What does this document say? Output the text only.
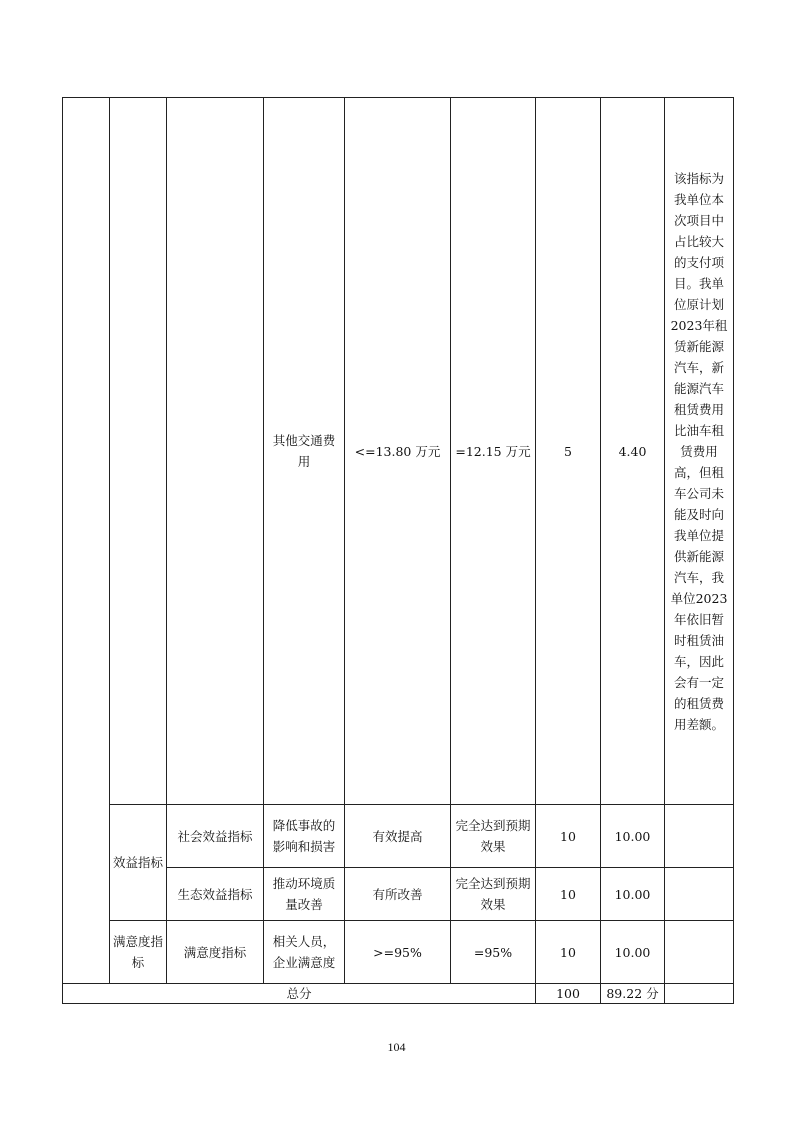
			其他交通费用	<=13.80 万元	=12.15 万元	5	4.40	该指标为我单位本次项目中占比较大的支付项目。我单位原计划2023年租赁新能源汽车，新能源汽车租赁费用比油车租赁费用高，但租车公司未能及时向我单位提供新能源汽车，我单位2023年依旧暂时租赁油车，因此会有一定的租赁费用差额。
	效益指标	社会效益指标	降低事故的影响和损害	有效提高	完全达到预期效果	10	10.00	
		生态效益指标	推动环境质量改善	有所改善	完全达到预期效果	10	10.00	
	满意度指标	满意度指标	相关人员，企业满意度	>=95%	=95%	10	10.00	
总分						100	89.22 分	
104
